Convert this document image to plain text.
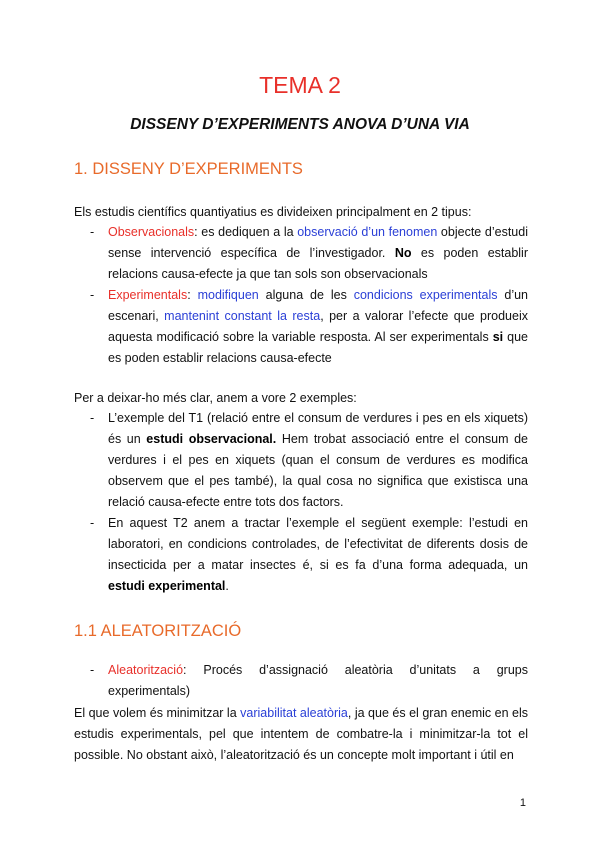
TEMA 2
DISSENY D’EXPERIMENTS ANOVA D’UNA VIA
1. DISSENY D’EXPERIMENTS
Els estudis científics quantiyatius es divideixen principalment en 2 tipus:
- Observacionals: es dediquen a la observació d’un fenomen objecte d’estudi sense intervenció específica de l’investigador. No es poden establir relacions causa-efecte ja que tan sols son observacionals
- Experimentals: modifiquen alguna de les condicions experimentals d’un escenari, mantenint constant la resta, per a valorar l’efecte que produeix aquesta modificació sobre la variable resposta. Al ser experimentals si que es poden establir relacions causa-efecte
Per a deixar-ho més clar, anem a vore 2 exemples:
- L’exemple del T1 (relació entre el consum de verdures i pes en els xiquets) és un estudi observacional. Hem trobat associació entre el consum de verdures i el pes en xiquets (quan el consum de verdures es modifica observem que el pes també), la qual cosa no significa que existisca una relació causa-efecte entre tots dos factors.
- En aquest T2 anem a tractar l’exemple el següent exemple: l’estudi en laboratori, en condicions controlades, de l’efectivitat de diferents dosis de insecticida per a matar insectes é, si es fa d’una forma adequada, un estudi experimental.
1.1 ALEATORITZACIÓ
- Aleatorització: Procés d’assignació aleatòria d’unitats a grups experimentals)
El que volem és minimitzar la variabilitat aleatòria, ja que és el gran enemic en els estudis experimentals, pel que intentem de combatre-la i minimitzar-la tot el possible. No obstant això, l’aleatorització és un concepte molt important i útil en
1
